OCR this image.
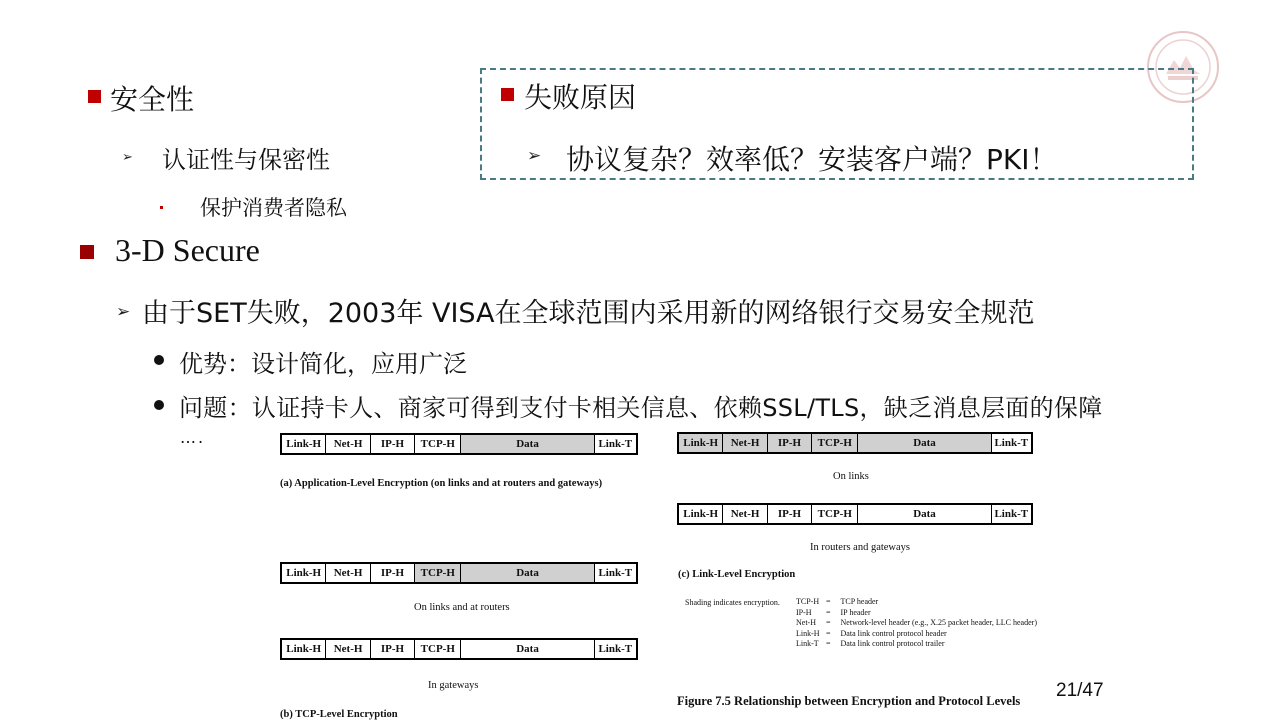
安全性
➢ 认证性与保密性
保护消费者隐私
失败原因
➢ 协议复杂？效率低？安装客户端？PKI！
3-D Secure
➢ 由于SET失败，2003年 VISA在全球范围内采用新的网络银行交易安全规范
优势：设计简化，应用广泛
问题：认证持卡人、商家可得到支付卡相关信息、依赖SSL/TLS，缺乏消息层面的保障
….	Link-H	Net-H	IP-H	TCP-H	Data	Link-T
(a) Application-Level Encryption (on links and at routers and gateways)
Link-H	Net-H	IP-H	TCP-H	Data	Link-T
On links and at routers
Link-H	Net-H	IP-H	TCP-H	Data	Link-T
In gateways
(b) TCP-Level Encryption
Link-H	Net-H	IP-H	TCP-H	Data	Link-T
On links
Link-H	Net-H	IP-H	TCP-H	Data	Link-T
In routers and gateways
(c) Link-Level Encryption
Shading indicates encryption. TCP-H	=	TCP header
IP-H	=	IP header
Net-H	=	Network-level header (e.g., X.25 packet header, LLC header)
Link-H	=	Data link control protocol header
Link-T	=	Data link control protocol trailer
Figure 7.5 Relationship between Encryption and Protocol Levels 21/47
